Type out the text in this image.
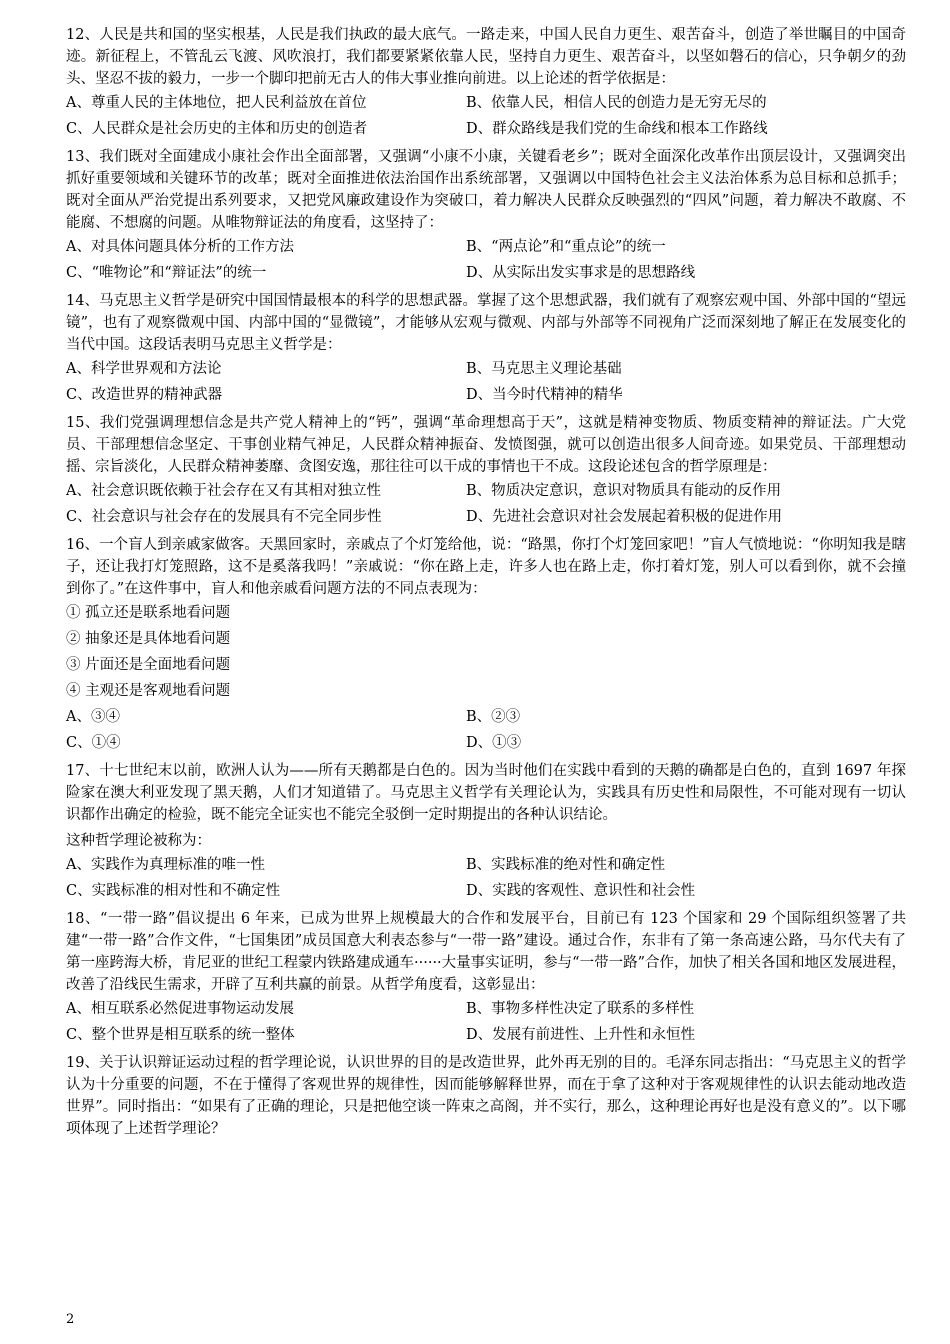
12、人民是共和国的坚实根基，人民是我们执政的最大底气。一路走来，中国人民自力更生、艰苦奋斗，创造了举世瞩目的中国奇迹。新征程上，不管乱云飞渡、风吹浪打，我们都要紧紧依靠人民，坚持自力更生、艰苦奋斗，以坚如磐石的信心，只争朝夕的劲头、坚忍不拔的毅力，一步一个脚印把前无古人的伟大事业推向前进。以上论述的哲学依据是：

A、尊重人民的主体地位，把人民利益放在首位	B、依靠人民，相信人民的创造力是无穷无尽的
C、人民群众是社会历史的主体和历史的创造者	D、群众路线是我们党的生命线和根本工作路线

13、我们既对全面建成小康社会作出全面部署，又强调“小康不小康，关键看老乡”；既对全面深化改革作出顶层设计，又强调突出抓好重要领域和关键环节的改革；既对全面推进依法治国作出系统部署，又强调以中国特色社会主义法治体系为总目标和总抓手；既对全面从严治党提出系列要求，又把党风廉政建设作为突破口，着力解决人民群众反映强烈的“四风”问题，着力解决不敢腐、不能腐、不想腐的问题。从唯物辩证法的角度看，这坚持了：

A、对具体问题具体分析的工作方法	B、“两点论”和“重点论”的统一
C、“唯物论”和“辩证法”的统一	D、从实际出发实事求是的思想路线

14、马克思主义哲学是研究中国国情最根本的科学的思想武器。掌握了这个思想武器，我们就有了观察宏观中国、外部中国的“望远镜”，也有了观察微观中国、内部中国的“显微镜”，才能够从宏观与微观、内部与外部等不同视角广泛而深刻地了解正在发展变化的当代中国。这段话表明马克思主义哲学是：

A、科学世界观和方法论	B、马克思主义理论基础
C、改造世界的精神武器	D、当今时代精神的精华

15、我们党强调理想信念是共产党人精神上的“钙”，强调“革命理想高于天”，这就是精神变物质、物质变精神的辩证法。广大党员、干部理想信念坚定、干事创业精气神足，人民群众精神振奋、发愤图强，就可以创造出很多人间奇迹。如果党员、干部理想动摇、宗旨淡化，人民群众精神萎靡、贪图安逸，那往往可以干成的事情也干不成。这段论述包含的哲学原理是：

A、社会意识既依赖于社会存在又有其相对独立性	B、物质决定意识，意识对物质具有能动的反作用
C、社会意识与社会存在的发展具有不完全同步性	D、先进社会意识对社会发展起着积极的促进作用

16、一个盲人到亲戚家做客。天黑回家时，亲戚点了个灯笼给他，说：“路黑，你打个灯笼回家吧！”盲人气愤地说：“你明知我是瞎子，还让我打灯笼照路，这不是奚落我吗！”亲戚说：“你在路上走，许多人也在路上走，你打着灯笼，别人可以看到你，就不会撞到你了。”在这件事中，盲人和他亲戚看问题方法的不同点表现为：

① 孤立还是联系地看问题
② 抽象还是具体地看问题
③ 片面还是全面地看问题
④ 主观还是客观地看问题
A、③④	B、②③
C、①④	D、①③

17、十七世纪末以前，欧洲人认为——所有天鹅都是白色的。因为当时他们在实践中看到的天鹅的确都是白色的，直到 1697 年探险家在澳大利亚发现了黑天鹅，人们才知道错了。马克思主义哲学有关理论认为，实践具有历史性和局限性，不可能对现有一切认识都作出确定的检验，既不能完全证实也不能完全驳倒一定时期提出的各种认识结论。

这种哲学理论被称为：

A、实践作为真理标准的唯一性	B、实践标准的绝对性和确定性
C、实践标准的相对性和不确定性	D、实践的客观性、意识性和社会性

18、“一带一路”倡议提出 6 年来，已成为世界上规模最大的合作和发展平台，目前已有 123 个国家和 29 个国际组织签署了共建“一带一路”合作文件，“七国集团”成员国意大利表态参与“一带一路”建设。通过合作，东非有了第一条高速公路，马尔代夫有了第一座跨海大桥，肯尼亚的世纪工程蒙内铁路建成通车······大量事实证明，参与“一带一路”合作，加快了相关各国和地区发展进程，改善了沿线民生需求，开辟了互利共赢的前景。从哲学角度看，这彰显出：

A、相互联系必然促进事物运动发展	B、事物多样性决定了联系的多样性
C、整个世界是相互联系的统一整体	D、发展有前进性、上升性和永恒性

19、关于认识辩证运动过程的哲学理论说，认识世界的目的是改造世界，此外再无别的目的。毛泽东同志指出：“马克思主义的哲学认为十分重要的问题，不在于懂得了客观世界的规律性，因而能够解释世界，而在于拿了这种对于客观规律性的认识去能动地改造世界”。同时指出：“如果有了正确的理论，只是把他空谈一阵束之高阁，并不实行，那么，这种理论再好也是没有意义的”。以下哪项体现了上述哲学理论？

2
